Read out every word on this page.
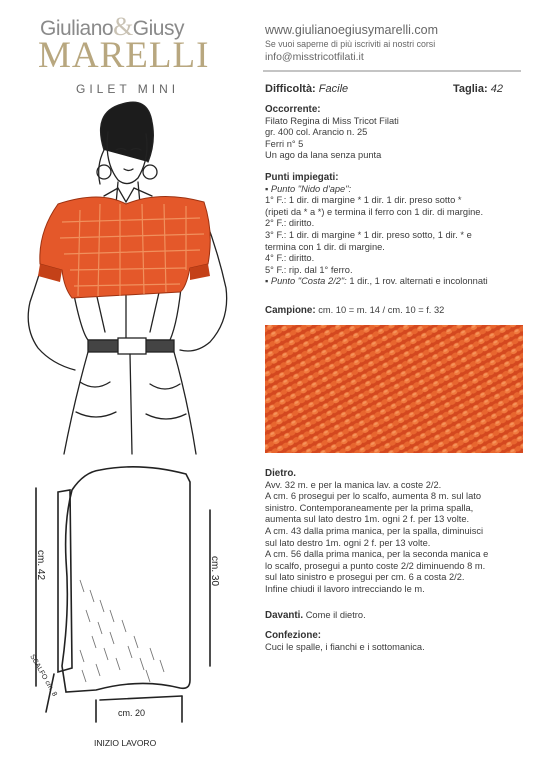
Giuliano&Giusy
MARELLI
GILET MINI
www.giulianoegiusymarelli.com
Se vuoi saperne di più iscriviti ai nostri corsi
info@misstricotfilati.it
Difficoltà: Facile	Taglia: 42
Occorrente:
Filato Regina di Miss Tricot Filati
gr. 400 col. Arancio n. 25
Ferri n° 5
Un ago da lana senza punta
Punti impiegati:
▪ Punto "Nido d'ape":
1° F.: 1 dir. di margine * 1 dir. 1 dir. preso sotto *
(ripeti da * a *) e termina il ferro con 1 dir. di margine.
2° F.: diritto.
3° F.: 1 dir. di margine * 1 dir. preso sotto, 1 dir. * e
termina con 1 dir. di margine.
4° F.: diritto.
5° F.: rip. dal 1° ferro.
▪ Punto "Costa 2/2": 1 dir., 1 rov. alternati e incolonnati
Campione: cm. 10 = m. 14 / cm. 10 = f. 32
cm. 42	cm. 30
cm. 20
SCALFO cm. 8
INIZIO LAVORO
Dietro.
Avv. 32 m. e per la manica lav. a coste 2/2.
A cm. 6 prosegui per lo scalfo, aumenta 8 m. sul lato
sinistro. Contemporaneamente per la prima spalla,
aumenta sul lato destro 1m. ogni 2 f. per 13 volte.
A cm. 43 dalla prima manica, per la spalla, diminuisci
sul lato destro 1m. ogni 2 f. per 13 volte.
A cm. 56 dalla prima manica, per la seconda manica e
lo scalfo, prosegui a punto coste 2/2 diminuendo 8 m.
sul lato sinistro e prosegui per cm. 6 a costa 2/2.
Infine chiudi il lavoro intrecciando le m.
Davanti. Come il dietro.
Confezione:
Cuci le spalle, i fianchi e i sottomanica.
